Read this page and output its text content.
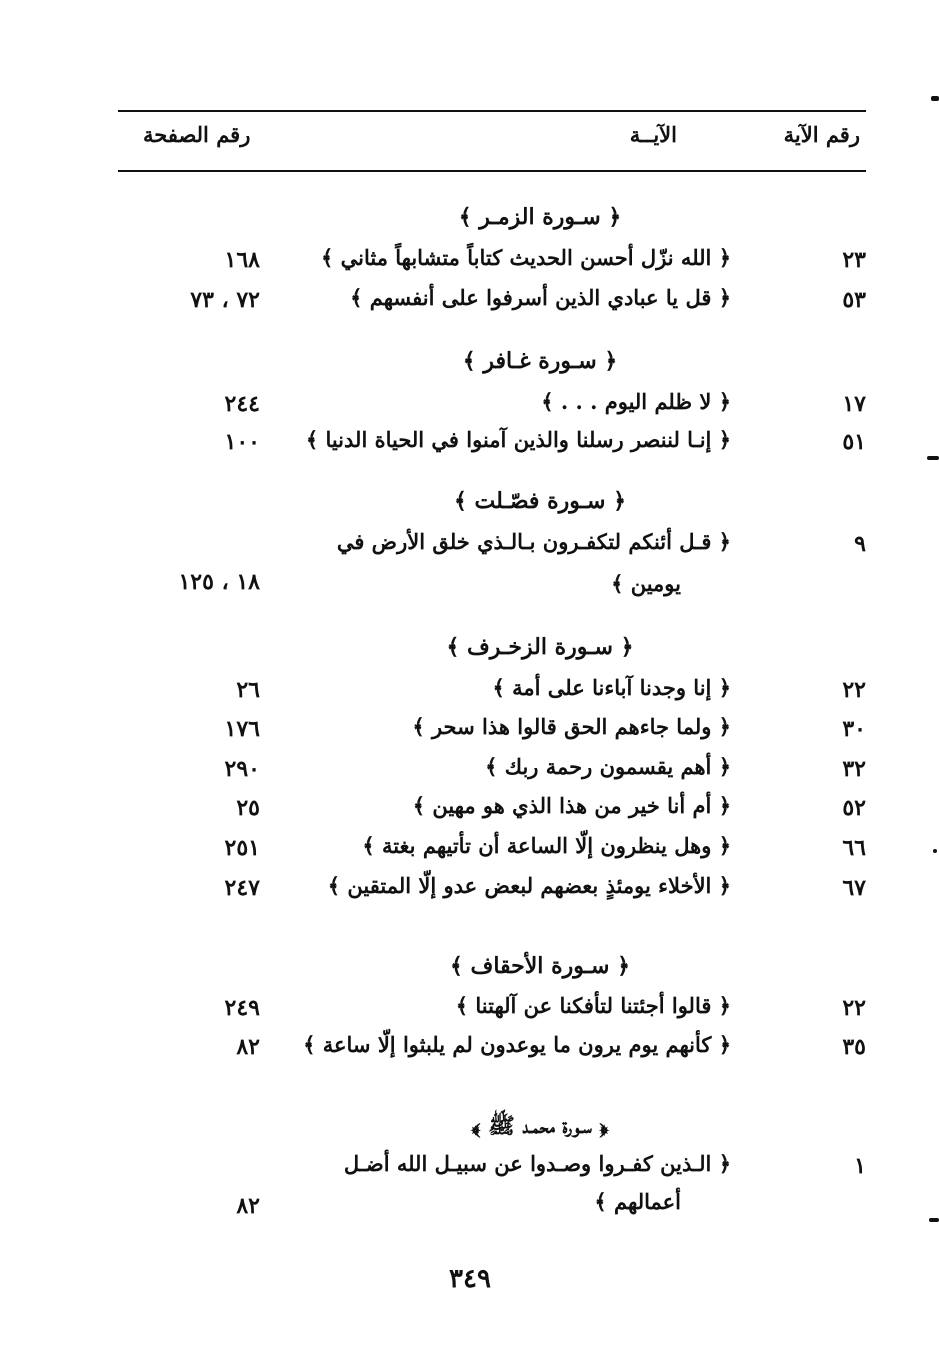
رقم الآية
الآيــة
رقم الصفحة
﴿ سـورة الزمـر ﴾
٢٣
﴿ الله نزّل أحسن الحديث كتاباً متشابهاً مثاني ﴾
١٦٨
٥٣
﴿ قل يا عبادي الذين أسرفوا على أنفسهم ﴾
٧٢ ، ٧٣
﴿ سـورة غـافر ﴾
١٧
﴿ لا ظلم اليوم . . . ﴾
٢٤٤
٥١
﴿ إنـا لننصر رسلنا والذين آمنوا في الحياة الدنيا ﴾
١٠٠
﴿ سـورة فصّـلت ﴾
٩
﴿ قـل أئنكم لتكفـرون بـالـذي خلق الأرض في
يومين ﴾
١٨ ، ١٢٥
﴿ سـورة الزخـرف ﴾
٢٢
﴿ إنا وجدنا آباءنا على أمة ﴾
٢٦
٣٠
﴿ ولما جاءهم الحق قالوا هذا سحر ﴾
١٧٦
٣٢
﴿ أهم يقسمون رحمة ربك ﴾
٢٩٠
٥٢
﴿ أم أنا خير من هذا الذي هو مهين ﴾
٢٥
٦٦
﴿ وهل ينظرون إلّا الساعة أن تأتيهم بغتة ﴾
٢٥١
٦٧
﴿ الأخلاء يومئذٍ بعضهم لبعض عدو إلّا المتقين ﴾
٢٤٧
﴿ سـورة الأحقاف ﴾
٢٢
﴿ قالوا أجئتنا لتأفكنا عن آلهتنا ﴾
٢٤٩
٣٥
﴿ كأنهم يوم يرون ما يوعدون لم يلبثوا إلّا ساعة ﴾
٨٢
﴿ سـورة محمـد ﷺ ﴾
١
﴿ الـذين كفـروا وصـدوا عن سبيـل الله أضـل
أعمالهم ﴾
٨٢
٣٤٩
